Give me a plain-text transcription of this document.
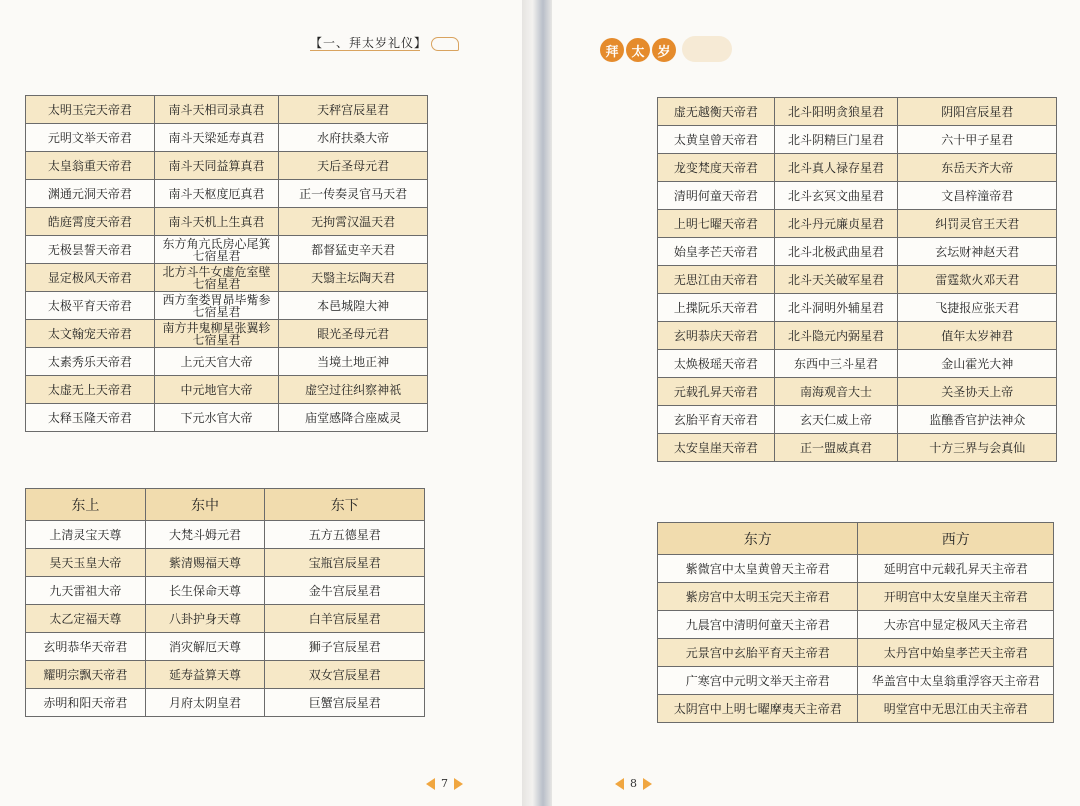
【一、拜太岁礼仪】
太明玉完天帝君	南斗天相司录真君	天秤宫辰星君
元明文举天帝君	南斗天梁延寿真君	水府扶桑大帝
太皇翁重天帝君	南斗天同益算真君	天后圣母元君
渊通元洞天帝君	南斗天枢度厄真君	正一传奏灵官马天君
皓庭霄度天帝君	南斗天机上生真君	无拘霄汉温天君
无极昙誓天帝君	东方角亢氐房心尾箕七宿星君	都督猛吏辛天君
显定极风天帝君	北方斗牛女虚危室壁七宿星君	天翳主坛陶天君
太极平育天帝君	西方奎娄胃昴毕觜参七宿星君	本邑城隍大神
太文翰宠天帝君	南方井鬼柳星张翼轸七宿星君	眼光圣母元君
太素秀乐天帝君	上元天官大帝	当境土地正神
太虚无上天帝君	中元地官大帝	虚空过往纠察神祇
太释玉隆天帝君	下元水官大帝	庙堂感降合座威灵
东上	东中	东下
上清灵宝天尊	大梵斗姆元君	五方五德星君
昊天玉皇大帝	紫清赐福天尊	宝瓶宫辰星君
九天雷祖大帝	长生保命天尊	金牛宫辰星君
太乙定福天尊	八卦护身天尊	白羊宫辰星君
玄明恭华天帝君	消灾解厄天尊	狮子宫辰星君
耀明宗飘天帝君	延寿益算天尊	双女宫辰星君
赤明和阳天帝君	月府太阴皇君	巨蟹宫辰星君
7
拜 太 岁
虚无越衡天帝君	北斗阳明贪狼星君	阴阳宫辰星君
太黄皇曾天帝君	北斗阴精巨门星君	六十甲子星君
龙变梵度天帝君	北斗真人禄存星君	东岳天齐大帝
清明何童天帝君	北斗玄冥文曲星君	文昌梓潼帝君
上明七曜天帝君	北斗丹元廉贞星君	纠罚灵官王天君
始皇孝芒天帝君	北斗北极武曲星君	玄坛财神赵天君
无思江由天帝君	北斗天关破军星君	雷霆欻火邓天君
上揲阮乐天帝君	北斗洞明外辅星君	飞捷报应张天君
玄明恭庆天帝君	北斗隐元内弼星君	值年太岁神君
太焕极瑶天帝君	东西中三斗星君	金山霍光大神
元载孔昇天帝君	南海观音大士	关圣协天上帝
玄胎平育天帝君	玄天仁威上帝	监醮香官护法神众
太安皇崖天帝君	正一盟威真君	十方三界与会真仙
东方	西方
紫微宫中太皇黄曾天主帝君	延明宫中元载孔昇天主帝君
紫房宫中太明玉完天主帝君	开明宫中太安皇崖天主帝君
九晨宫中清明何童天主帝君	大赤宫中显定极风天主帝君
元景宫中玄胎平育天主帝君	太丹宫中始皇孝芒天主帝君
广寒宫中元明文举天主帝君	华盖宫中太皇翁重浮容天主帝君
太阴宫中上明七曜摩夷天主帝君	明堂宫中无思江由天主帝君
8
